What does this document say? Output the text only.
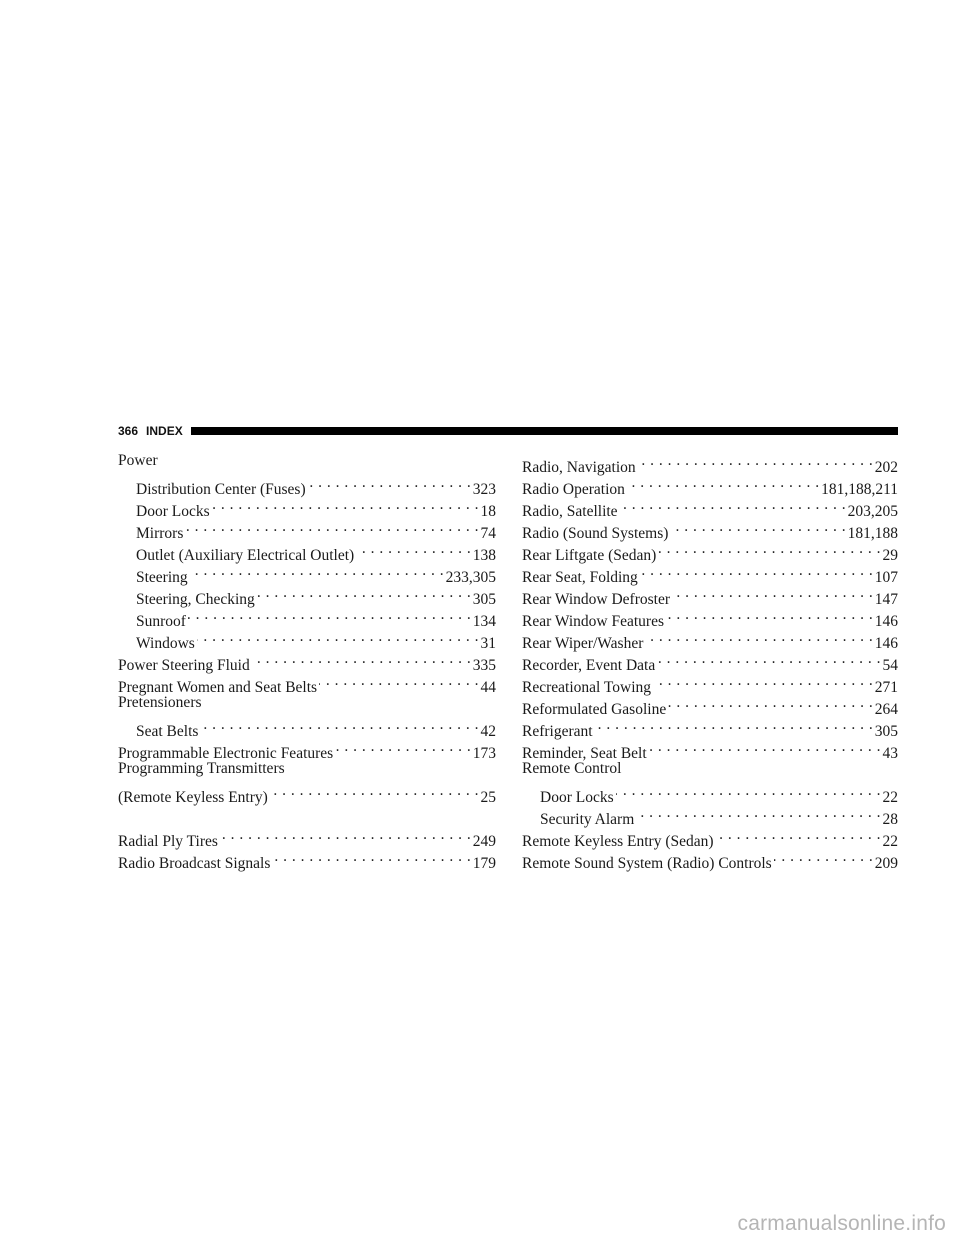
366 INDEX
Power
Distribution Center (Fuses) . . .	323
Door Locks . . .	18
Mirrors . . .	74
Outlet (Auxiliary Electrical Outlet) . . .	138
Steering . . .	233,305
Steering, Checking . . .	305
Sunroof . . .	134
Windows . . .	31
Power Steering Fluid . . .	335
Pregnant Women and Seat Belts . . .	44
Pretensioners
Seat Belts . . .	42
Programmable Electronic Features . . .	173
Programming Transmitters
(Remote Keyless Entry) . . .	25
Radial Ply Tires . . .	249
Radio Broadcast Signals . . .	179
Radio, Navigation . . .	202
Radio Operation . . .	181,188,211
Radio, Satellite . . .	203,205
Radio (Sound Systems) . . .	181,188
Rear Liftgate (Sedan) . . .	29
Rear Seat, Folding . . .	107
Rear Window Defroster . . .	147
Rear Window Features . . .	146
Rear Wiper/Washer . . .	146
Recorder, Event Data . . .	54
Recreational Towing . . .	271
Reformulated Gasoline . . .	264
Refrigerant . . .	305
Reminder, Seat Belt . . .	43
Remote Control
Door Locks . . .	22
Security Alarm . . .	28
Remote Keyless Entry (Sedan) . . .	22
Remote Sound System (Radio) Controls . . .	209
carmanualsonline.info
